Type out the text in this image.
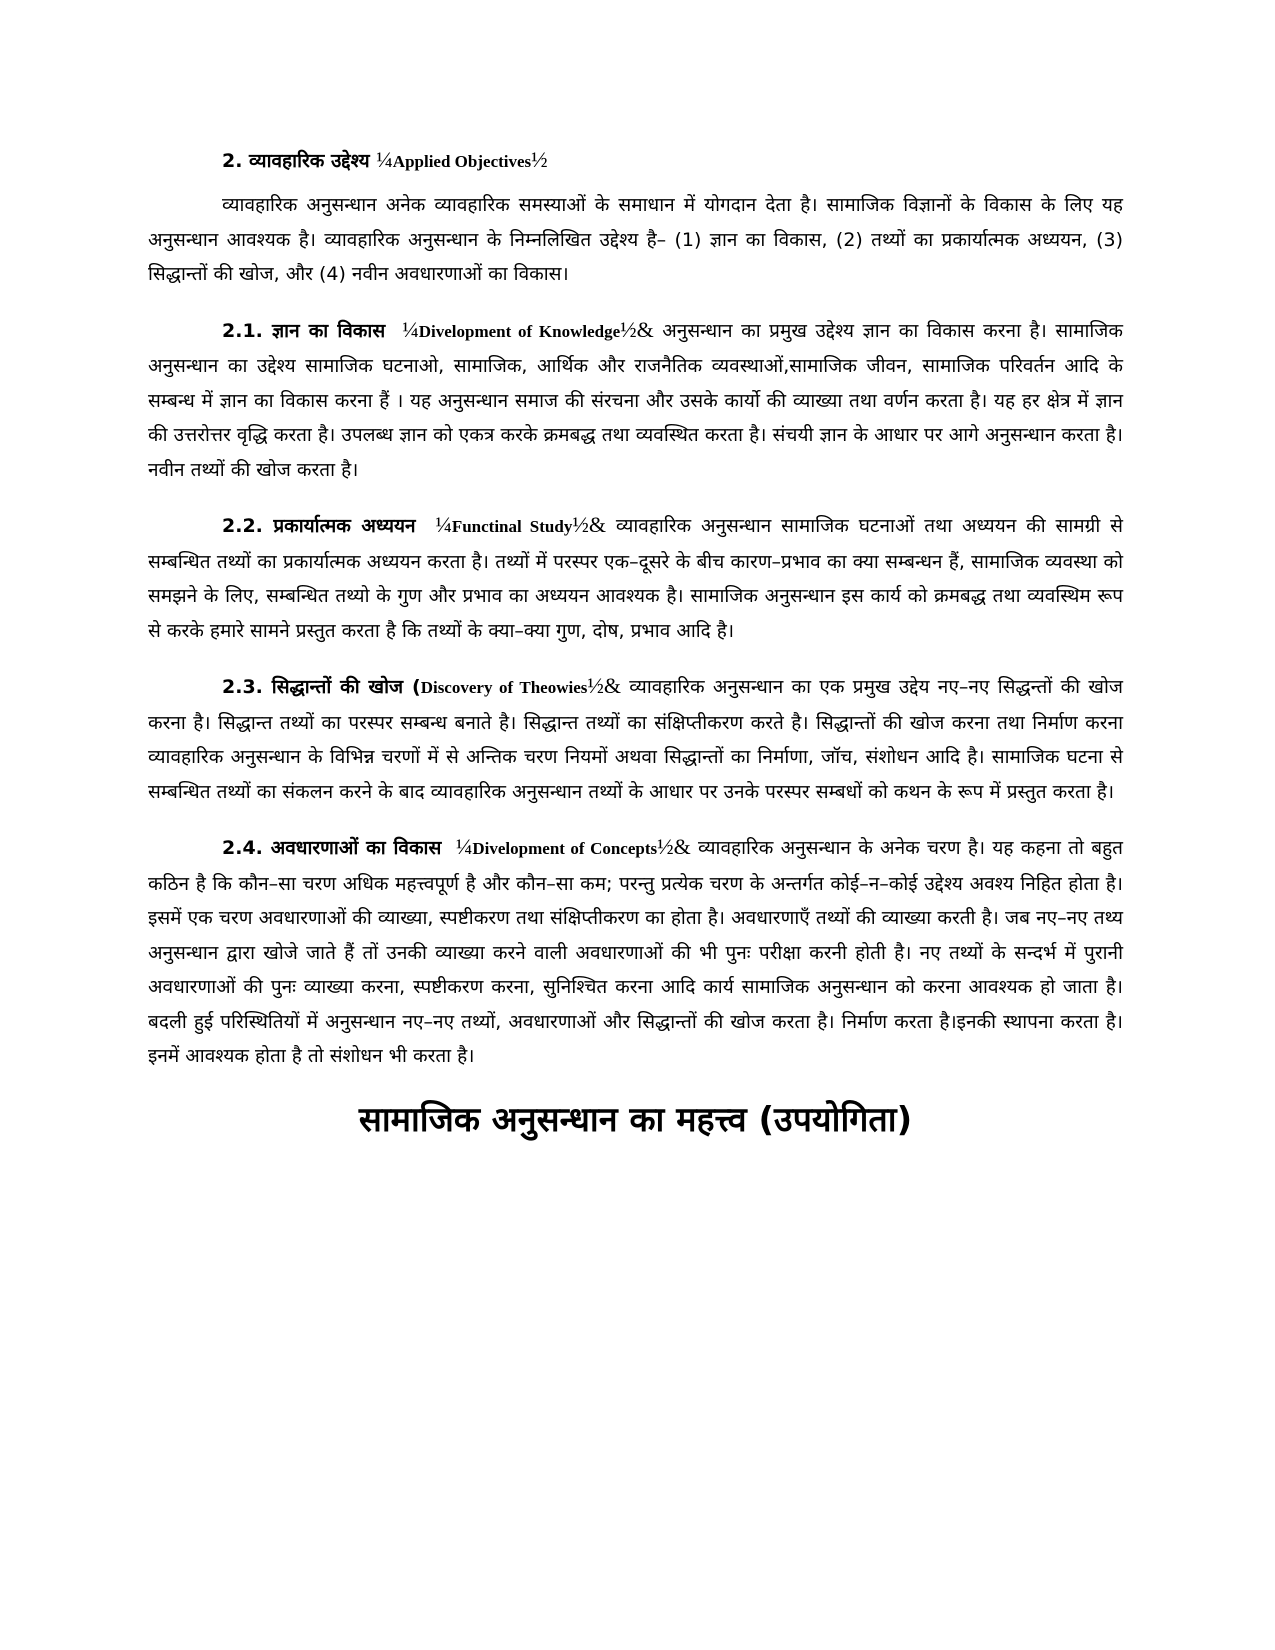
2. व्यावहारिक उद्देश्य ¼Applied Objectives½

व्यावहारिक अनुसन्धान अनेक व्यावहारिक समस्याओं के समाधान में योगदान देता है। सामाजिक विज्ञानों के विकास के लिए यह अनुसन्धान आवश्यक है। व्यावहारिक अनुसन्धान के निम्नलिखित उद्देश्य है– (1) ज्ञान का विकास, (2) तथ्यों का प्रकार्यात्मक अध्ययन, (3) सिद्धान्तों की खोज, और (4) नवीन अवधारणाओं का विकास।

2.1. ज्ञान का विकास ¼Divelopment of Knowledge½& अनुसन्धान का प्रमुख उद्देश्य ज्ञान का विकास करना है। सामाजिक अनुसन्धान का उद्देश्य सामाजिक घटनाओ, सामाजिक, आर्थिक और राजनैतिक व्यवस्थाओं,सामाजिक जीवन, सामाजिक परिवर्तन आदि के सम्बन्ध में ज्ञान का विकास करना हैं । यह अनुसन्धान समाज की संरचना और उसके कार्यो की व्याख्या तथा वर्णन करता है। यह हर क्षेत्र में ज्ञान की उत्तरोत्तर वृद्धि करता है। उपलब्ध ज्ञान को एकत्र करके क्रमबद्ध तथा व्यवस्थित करता है। संचयी ज्ञान के आधार पर आगे अनुसन्धान करता है। नवीन तथ्यों की खोज करता है।

2.2. प्रकार्यात्मक अध्ययन ¼Functinal Study½& व्यावहारिक अनुसन्धान सामाजिक घटनाओं तथा अध्ययन की सामग्री से सम्बन्धित तथ्यों का प्रकार्यात्मक अध्ययन करता है। तथ्यों में परस्पर एक–दूसरे के बीच कारण–प्रभाव का क्या सम्बन्धन हैं, सामाजिक व्यवस्था को समझने के लिए, सम्बन्धित तथ्यो के गुण और प्रभाव का अध्ययन आवश्यक है। सामाजिक अनुसन्धान इस कार्य को क्रमबद्ध तथा व्यवस्थिम रूप से करके हमारे सामने प्रस्तुत करता है कि तथ्यों के क्या–क्या गुण, दोष, प्रभाव आदि है।

2.3. सिद्धान्तों की खोज (Discovery of Theowies½& व्यावहारिक अनुसन्धान का एक प्रमुख उद्देय नए–नए सिद्धन्तों की खोज करना है। सिद्धान्त तथ्यों का परस्पर सम्बन्ध बनाते है। सिद्धान्त तथ्यों का संक्षिप्तीकरण करते है। सिद्धान्तों की खोज करना तथा निर्माण करना व्यावहारिक अनुसन्धान के विभिन्न चरणों में से अन्तिक चरण नियमों अथवा सिद्धान्तों का निर्माणा, जॉच, संशोधन आदि है। सामाजिक घटना से सम्बन्धित तथ्यों का संकलन करने के बाद व्यावहारिक अनुसन्धान तथ्यों के आधार पर उनके परस्पर सम्बधों को कथन के रूप में प्रस्तुत करता है।

2.4. अवधारणाओं का विकास ¼Divelopment of Concepts½& व्यावहारिक अनुसन्धान के अनेक चरण है। यह कहना तो बहुत कठिन है कि कौन–सा चरण अधिक महत्त्वपूर्ण है और कौन–सा कम; परन्तु प्रत्येक चरण के अन्तर्गत कोई–न–कोई उद्देश्य अवश्य निहित होता है। इसमें एक चरण अवधारणाओं की व्याख्या, स्पष्टीकरण तथा संक्षिप्तीकरण का होता है। अवधारणाएँ तथ्यों की व्याख्या करती है। जब नए–नए तथ्य अनुसन्धान द्वारा खोजे जाते हैं तों उनकी व्याख्या करने वाली अवधारणाओं की भी पुनः परीक्षा करनी होती है। नए तथ्यों के सन्दर्भ में पुरानी अवधारणाओं की पुनः व्याख्या करना, स्पष्टीकरण करना, सुनिश्चित करना आदि कार्य सामाजिक अनुसन्धान को करना आवश्यक हो जाता है। बदली हुई परिस्थितियों में अनुसन्धान नए–नए तथ्यों, अवधारणाओं और सिद्धान्तों की खोज करता है। निर्माण करता है।इनकी स्थापना करता है। इनमें आवश्यक होता है तो संशोधन भी करता है।

सामाजिक अनुसन्धान का महत्त्व (उपयोगिता)
